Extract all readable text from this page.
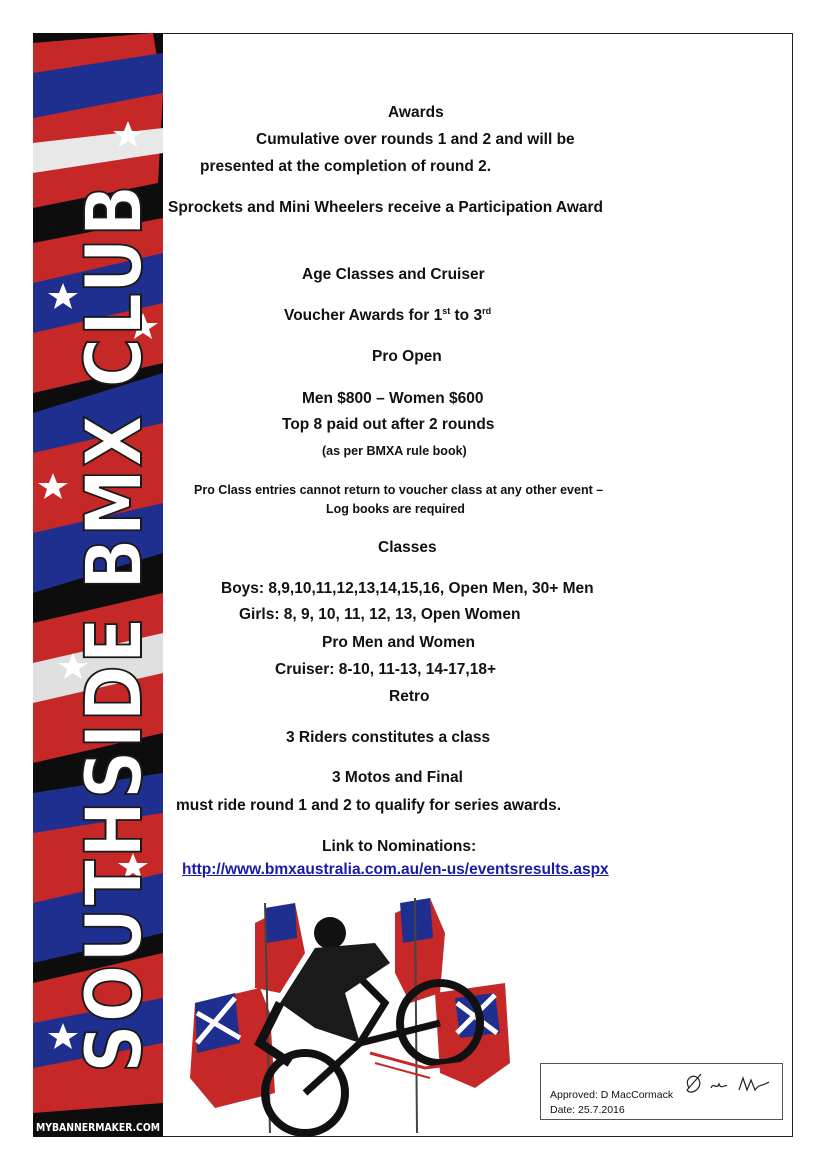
SOUTHSIDE BMX CLUB
MYBANNERMAKER.COM
Awards
Cumulative over rounds 1 and 2 and will be
presented at the completion of round 2.
Sprockets and Mini Wheelers receive a Participation Award
Age Classes and Cruiser
Voucher Awards for 1st to 3rd
Pro Open
Men $800 – Women $600
Top 8 paid out after 2 rounds
(as per BMXA rule book)
Pro Class entries cannot return to voucher class at any other event –
Log books are required
Classes
Boys: 8,9,10,11,12,13,14,15,16, Open Men, 30+ Men
Girls: 8, 9, 10, 11, 12, 13, Open Women
Pro Men and Women
Cruiser: 8-10, 11-13, 14-17,18+
Retro
3 Riders constitutes a class
3 Motos and Final
must ride round 1 and 2 to qualify for series awards.
Link to Nominations:
http://www.bmxaustralia.com.au/en-us/eventsresults.aspx
Approved: D MacCormack
Date: 25.7.2016
